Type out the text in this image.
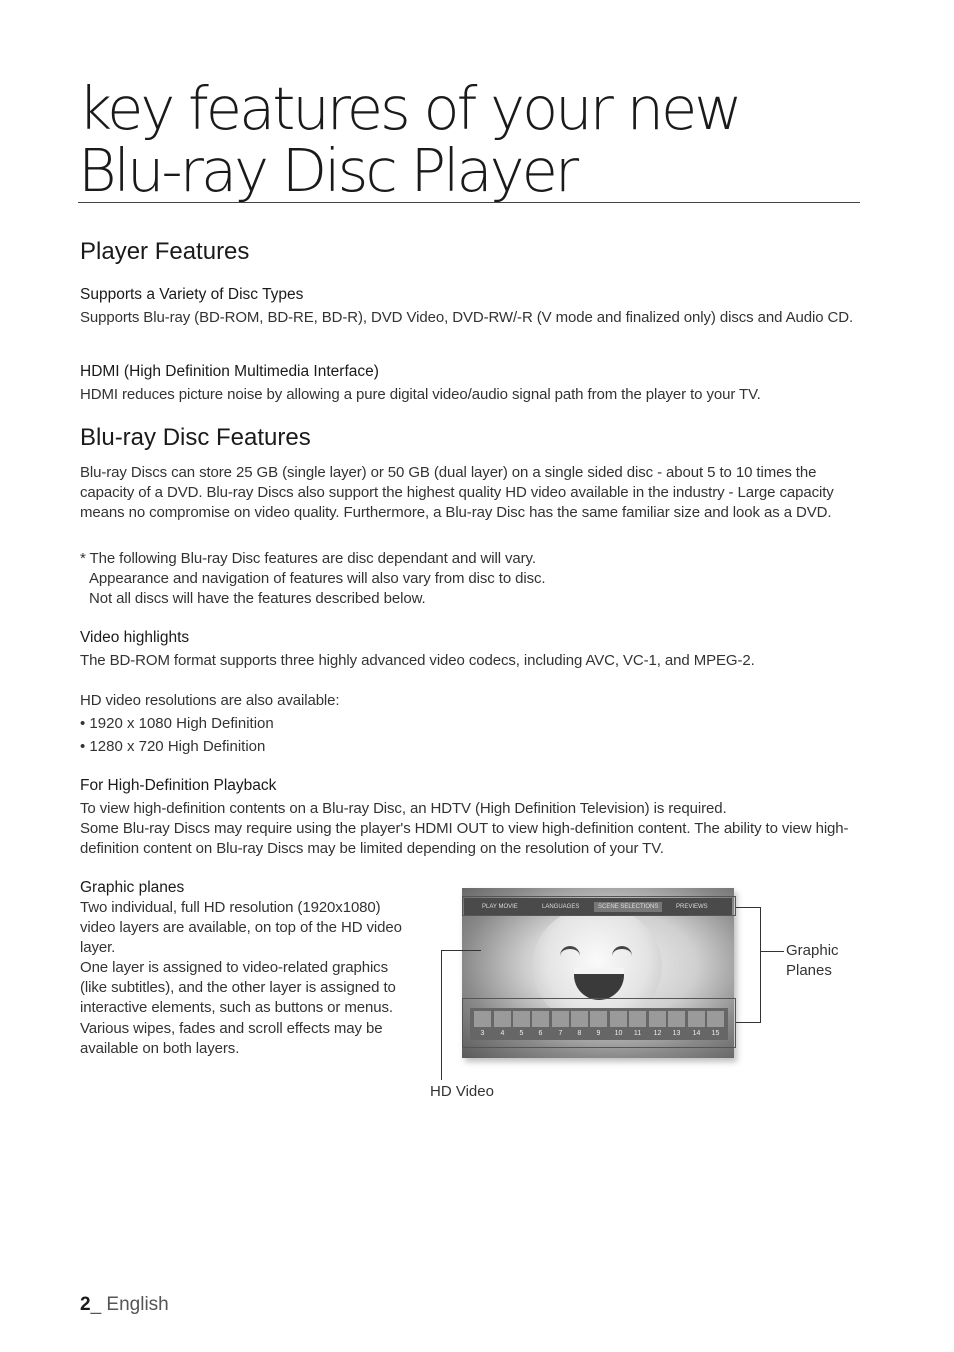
key features of your new
Blu-ray Disc Player
Player Features
Supports a Variety of Disc Types
Supports Blu-ray (BD-ROM, BD-RE, BD-R), DVD Video, DVD-RW/-R (V mode and finalized only) discs and Audio CD.
HDMI (High Definition Multimedia Interface)
HDMI reduces picture noise by allowing a pure digital video/audio signal path from the player to your TV.
Blu-ray Disc Features
Blu-ray Discs can store 25 GB (single layer) or 50 GB (dual layer) on a single sided disc - about 5 to 10 times the capacity of a DVD. Blu-ray Discs also support the highest quality HD video available in the industry - Large capacity means no compromise on video quality. Furthermore, a Blu-ray Disc has the same familiar size and look as a DVD.
* The following Blu-ray Disc features are disc dependant and will vary.
Appearance and navigation of features will also vary from disc to disc.
Not all discs will have the features described below.
Video highlights
The BD-ROM format supports three highly advanced video codecs, including AVC, VC-1, and MPEG-2.
HD video resolutions are also available:
• 1920 x 1080 High Definition
• 1280 x 720 High Definition
For High-Definition Playback
To view high-definition contents on a Blu-ray Disc, an HDTV (High Definition Television) is required.
Some Blu-ray Discs may require using the player's HDMI OUT to view high-definition content. The ability to view high-definition content on Blu-ray Discs may be limited depending on the resolution of your TV.
Graphic planes
Two individual, full HD resolution (1920x1080) video layers are available, on top of the HD video layer.
One layer is assigned to video-related graphics (like subtitles), and the other layer is assigned to interactive elements, such as buttons or menus. Various wipes, fades and scroll effects may be available on both layers.
PLAY MOVIE	LANGUAGES	SCENE SELECTIONS	PREVIEWS
3	4	5	6	7	8	9	10	11	12	13	14	15
Graphic
Planes
HD Video
2_ English
